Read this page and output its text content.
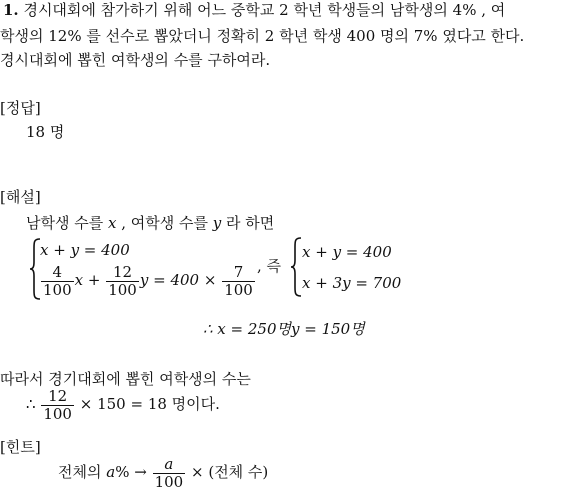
1. 경시대회에 참가하기 위해 어느 중학교 2 학년 학생들의 남학생의 4% , 여
학생의 12% 를 선수로 뽑았더니 정확히 2 학년 학생 400 명의 7% 였다고 한다.
경시대회에 뽑힌 여학생의 수를 구하여라.
[정답]
18 명
[해설]
남학생 수를 x , 여학생 수를 y 라 하면
x + y = 400
$\frac{4}{100}$ $x + \frac{12}{100}$ $y = 400 \times \frac{7}{100}$ , 즉
x + y = 400
x + 3y = 700
∴ x = 250명y = 150명
따라서 경기대회에 뽑힌 여학생의 수는
∴ $\frac{12}{100} \times 150 = 18$ 명이다.
[힌트]
전체의 $a\% \to \frac{a}{100}$ × (전체 수)
